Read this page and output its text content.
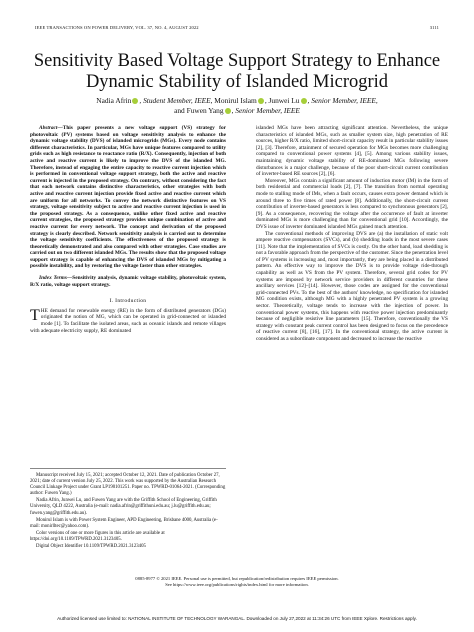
IEEE TRANSACTIONS ON POWER DELIVERY, VOL. 37, NO. 4, AUGUST 2022	3111
Sensitivity Based Voltage Support Strategy to Enhance Dynamic Stability of Islanded Microgrid
Nadia Afrin , Student Member, IEEE, Monirul Islam , Junwei Lu , Senior Member, IEEE,
and Fuwen Yang , Senior Member, IEEE

Abstract—This paper presents a new voltage support (VS) strategy for photovoltaic (PV) systems based on voltage sensitivity analysis to enhance the dynamic voltage stability (DVS) of islanded microgrids (MGs). Every node contains different characteristics. In particular, MGs have unique features compared to utility grids such as high resistance to reactance ratio (R/X). Consequently, injection of both active and reactive current is likely to improve the DVS of the islanded MG. Therefore, instead of engaging the entire capacity to reactive current injection which is performed in conventional voltage support strategy, both the active and reactive current is injected in the proposed strategy. On contrary, without considering the fact that each network contains distinctive characteristics, other strategies with both active and reactive current injection provide fixed active and reactive current which are uniform for all networks. To convey the network distinctive features on VS strategy, voltage sensitivity subject to active and reactive current injection is used in the proposed strategy. As a consequence, unlike other fixed active and reactive current strategies, the proposed strategy provides unique combination of active and reactive current for every network. The concept and derivation of the proposed strategy is clearly described. Network sensitivity analysis is carried out to determine the voltage sensitivity coefficients. The effectiveness of the proposed strategy is theoretically demonstrated and also compared with other strategies. Case studies are carried out on two different islanded MGs. The results show that the proposed voltage support strategy is capable of enhancing the DVS of islanded MGs by mitigating a possible instability, and by restoring the voltage faster than other strategies.

Index Terms—Sensitivity analysis, dynamic voltage stability, photovoltaic system, R/X ratio, voltage support strategy.

I. Introduction

THE demand for renewable energy (RE) in the form of distributed generators (DGs) originated the notion of MG, which can be operated in grid-connected or islanded mode [1]. To facilitate the isolated areas, such as oceanic islands and remote villages with adequate electricity supply, RE dominated

Manuscript received July 15, 2021; accepted October 12, 2021. Date of publication October 27, 2021; date of current version July 25, 2022. This work was supported by the Australian Research Council Linkage Project under Grant LP190101251. Paper no. TPWRD-01064-2021. (Corresponding author: Fuwen Yang.)

Nadia Afrin, Junwei Lu, and Fuwen Yang are with the Griffith School of Engineering, Griffith University, QLD 4222, Australia (e-mail: nadia.afrin@griffithuni.edu.au; j.lu@griffith.edu.au; fuwen.yang@griffith.edu.au).

Monirul Islam is with Power System Engineer, APD Engineering, Brisbane 4000, Australia (e-mail: monirlltec@yahoo.com).

Color versions of one or more figures in this article are available at https://doi.org/10.1109/TPWRD.2021.3123405.

Digital Object Identifier 10.1109/TPWRD.2021.3123405

islanded MGs have been attracting significant attention. Nevertheless, the unique characteristics of islanded MGs, such as smaller system size, high penetration of RE sources, higher R/X ratio, limited short-circuit capacity result in particular stability issues [2], [3]. Therefore, attainment of secured operation for MGs becomes more challenging compared to conventional power systems [4], [5]. Among various stability issues, maintaining dynamic voltage stability of RE-dominated MGs following severe disturbances is a major challenge, because of the poor short-circuit current contribution of inverter-based RE sources [2], [6].

Moreover, MGs contain a significant amount of induction motor (IM) in the form of both residential and commercial loads [2], [7]. The transition from normal operating mode to stalling mode of IMs, when a fault occurs, causes extra power demand which is around three to five times of rated power [8]. Additionally, the short-circuit current contribution of inverter-based generators is less compared to synchronous generators [2], [9]. As a consequence, recovering the voltage after the occurrence of fault at inverter dominated MGs is more challenging than for conventional grid [10]. Accordingly, the DVS issue of inverter dominated islanded MGs gained much attention.

The conventional methods of improving DVS are (a) the installation of static volt ampere reactive compensators (SVCs), and (b) shedding loads in the most severe cases [11]. Note that the implementation of SVCs is costly. On the other hand, load shedding is not a favorable approach from the perspective of the customer. Since the penetration level of PV systems is increasing and, most importantly, they are being placed in a distributed pattern. An effective way to improve the DVS is to provide voltage ride-through capability as well as VS from the PV system. Therefore, several grid codes for PV systems are imposed by network service providers in different countries for these ancillary services [12]–[14]. However, those codes are assigned for the conventional grid-connected PVs. To the best of the authors' knowledge, no specification for islanded MG condition exists, although MG with a highly penetrated PV system is a growing sector. Theoretically, voltage tends to increase with the injection of power. In conventional power systems, this happens with reactive power injection predominantly because of negligible resistive line parameters [15]. Therefore, conventionally the VS strategy with constant peak current control has been designed to focus on the precedence of reactive current [8], [16], [17]. In the conventional strategy, the active current is considered as a subordinate component and decreased to increase the reactive

0885-8977 © 2021 IEEE. Personal use is permitted, but republication/redistribution requires IEEE permission.
See https://www.ieee.org/publications/rights/index.html for more information.
Authorized licensed use limited to: NATIONAL INSTITUTE OF TECHNOLOGY WARANGAL. Downloaded on July 27,2022 at 11:34:26 UTC from IEEE Xplore. Restrictions apply.
